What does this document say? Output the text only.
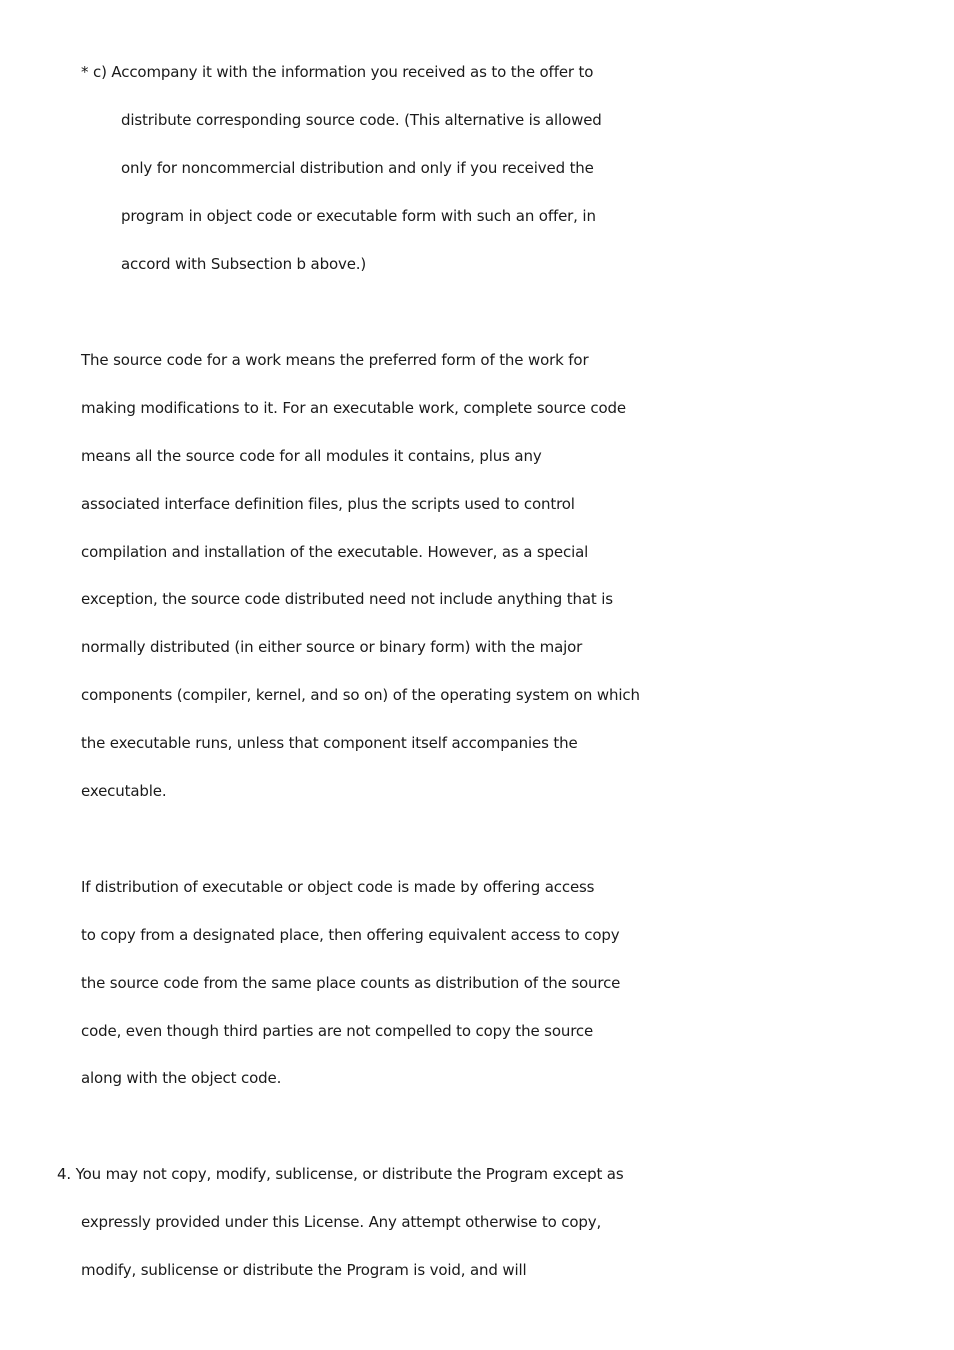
* c) Accompany it with the information you received as to the offer to
distribute corresponding source code. (This alternative is allowed
only for noncommercial distribution and only if you received the
program in object code or executable form with such an offer, in
accord with Subsection b above.)
The source code for a work means the preferred form of the work for
making modifications to it. For an executable work, complete source code
means all the source code for all modules it contains, plus any
associated interface definition files, plus the scripts used to control
compilation and installation of the executable. However, as a special
exception, the source code distributed need not include anything that is
normally distributed (in either source or binary form) with the major
components (compiler, kernel, and so on) of the operating system on which
the executable runs, unless that component itself accompanies the
executable.
If distribution of executable or object code is made by offering access
to copy from a designated place, then offering equivalent access to copy
the source code from the same place counts as distribution of the source
code, even though third parties are not compelled to copy the source
along with the object code.
4. You may not copy, modify, sublicense, or distribute the Program except as
expressly provided under this License. Any attempt otherwise to copy,
modify, sublicense or distribute the Program is void, and will
